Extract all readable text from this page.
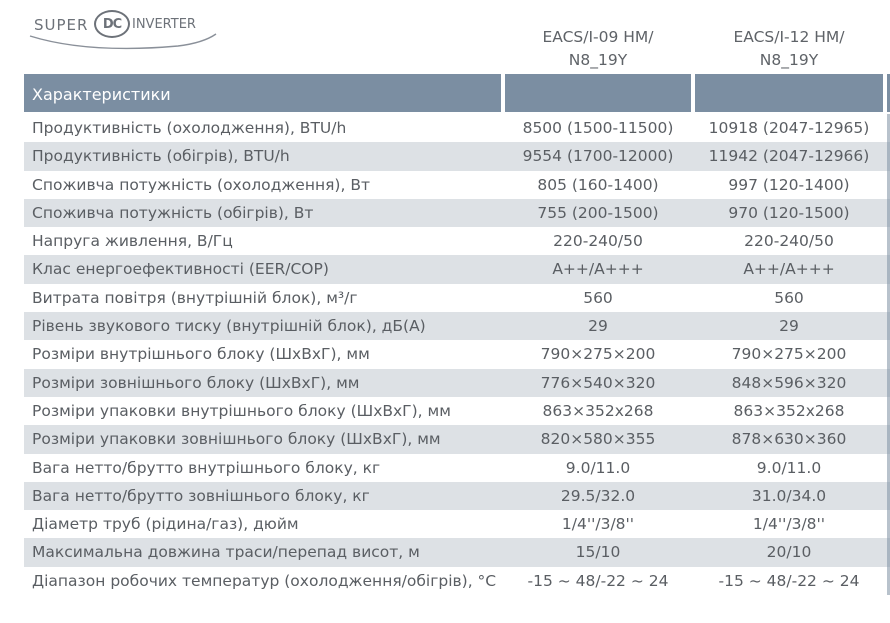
SUPER	DC INVERTER
EACS/I-09 HM/
N8_19Y
EACS/I-12 HM/
N8_19Y
Характеристики
Продуктивність (охолодження), BTU/h	8500 (1500-11500)	10918 (2047-12965)
Продуктивність (обігрів), BTU/h	9554 (1700-12000)	11942 (2047-12966)
Споживча потужність (охолодження), Вт	805 (160-1400)	997 (120-1400)
Споживча потужність (обігрів), Вт	755 (200-1500)	970 (120-1500)
Напруга живлення, В/Гц	220-240/50	220-240/50
Клас енергоефективності (EER/COP)	A++/A+++	A++/A+++
Витрата повітря (внутрішній блок), м³/г	560	560
Рівень звукового тиску (внутрішній блок), дБ(А)	29	29
Розміри внутрішнього блоку (ШхВхГ), мм	790×275×200	790×275×200
Розміри зовнішнього блоку (ШхВхГ), мм	776×540×320	848×596×320
Розміри упаковки внутрішнього блоку (ШхВхГ), мм	863×352x268	863×352x268
Розміри упаковки зовнішнього блоку (ШхВхГ), мм	820×580×355	878×630×360
Вага нетто/брутто внутрішнього блоку, кг	9.0/11.0	9.0/11.0
Вага нетто/брутто зовнішнього блоку, кг	29.5/32.0	31.0/34.0
Діаметр труб (рідина/газ), дюйм	1/4''/3/8''	1/4''/3/8''
Максимальна довжина траси/перепад висот, м	15/10	20/10
Діапазон робочих температур (охолодження/обігрів), °C	-15 ~ 48/-22 ~ 24	-15 ~ 48/-22 ~ 24
